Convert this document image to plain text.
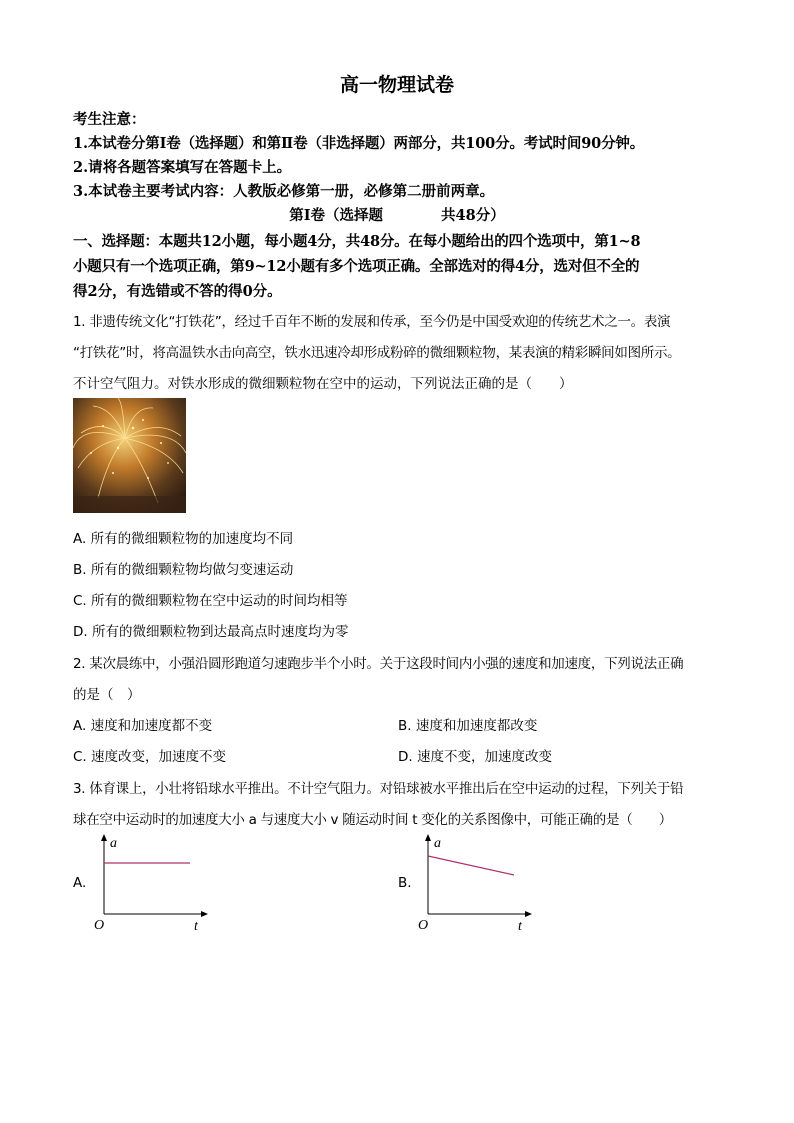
高一物理试卷
考生注意：
1.本试卷分第Ⅰ卷（选择题）和第Ⅱ卷（非选择题）两部分，共100分。考试时间90分钟。
2.请将各题答案填写在答题卡上。
3.本试卷主要考试内容：人教版必修第一册，必修第二册前两章。
第Ⅰ卷（选择题　　　　共48分）
一、选择题：本题共12小题，每小题4分，共48分。在每小题给出的四个选项中，第1~8
小题只有一个选项正确，第9~12小题有多个选项正确。全部选对的得4分，选对但不全的
得2分，有选错或不答的得0分。
1. 非遗传统文化“打铁花”，经过千百年不断的发展和传承，至今仍是中国受欢迎的传统艺术之一。表演
“打铁花”时，将高温铁水击向高空，铁水迅速冷却形成粉碎的微细颗粒物，某表演的精彩瞬间如图所示。
不计空气阻力。对铁水形成的微细颗粒物在空中的运动，下列说法正确的是（　　）
A. 所有的微细颗粒物的加速度均不同
B. 所有的微细颗粒物均做匀变速运动
C. 所有的微细颗粒物在空中运动的时间均相等
D. 所有的微细颗粒物到达最高点时速度均为零
2. 某次晨练中，小强沿圆形跑道匀速跑步半个小时。关于这段时间内小强的速度和加速度，下列说法正确
的是（　）
A. 速度和加速度都不变	B. 速度和加速度都改变
C. 速度改变，加速度不变	D. 速度不变，加速度改变
3. 体育课上，小壮将铅球水平推出。不计空气阻力。对铅球被水平推出后在空中运动的过程，下列关于铅
球在空中运动时的加速度大小 a 与速度大小 v 随运动时间 t 变化的关系图像中，可能正确的是（　　）
A.
a
t
O
B.
a
t
O
